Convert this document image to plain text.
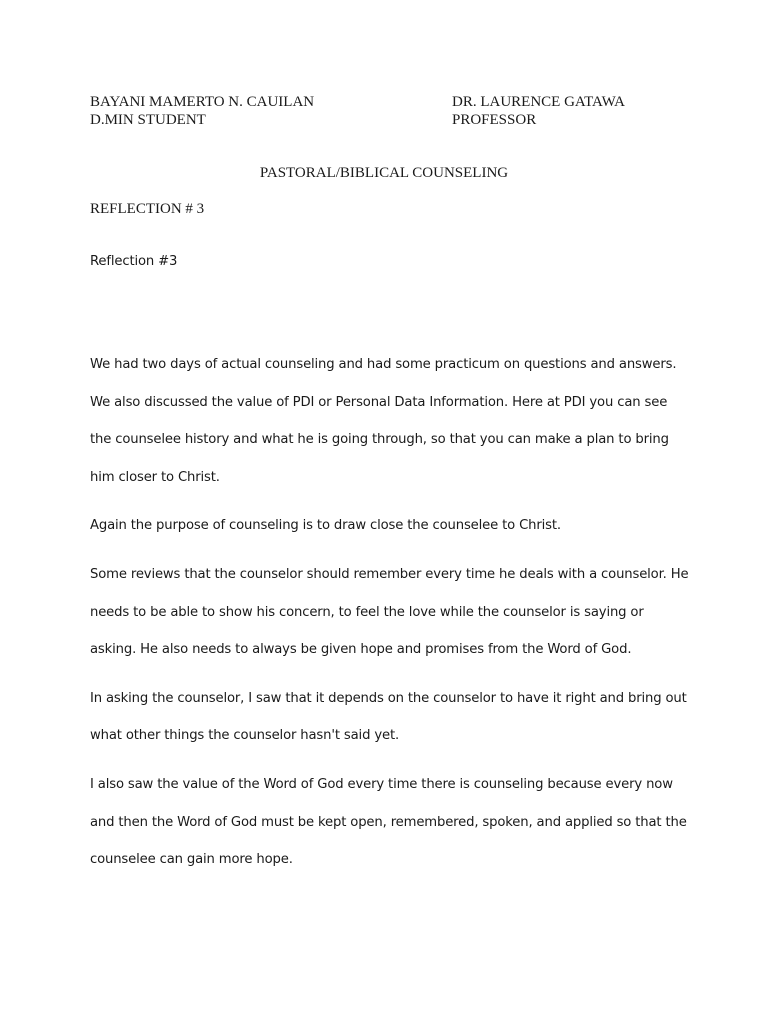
BAYANI MAMERTO N. CAUILAN
D.MIN STUDENT
DR. LAURENCE GATAWA
PROFESSOR
PASTORAL/BIBLICAL COUNSELING
REFLECTION # 3
Reflection #3

We had two days of actual counseling and had some practicum on questions and answers. We also discussed the value of PDI or Personal Data Information. Here at PDI you can see the counselee history and what he is going through, so that you can make a plan to bring him closer to Christ.

Again the purpose of counseling is to draw close the counselee to Christ.

Some reviews that the counselor should remember every time he deals with a counselor. He needs to be able to show his concern, to feel the love while the counselor is saying or asking. He also needs to always be given hope and promises from the Word of God.

In asking the counselor, I saw that it depends on the counselor to have it right and bring out what other things the counselor hasn't said yet.

I also saw the value of the Word of God every time there is counseling because every now and then the Word of God must be kept open, remembered, spoken, and applied so that the counselee can gain more hope.
